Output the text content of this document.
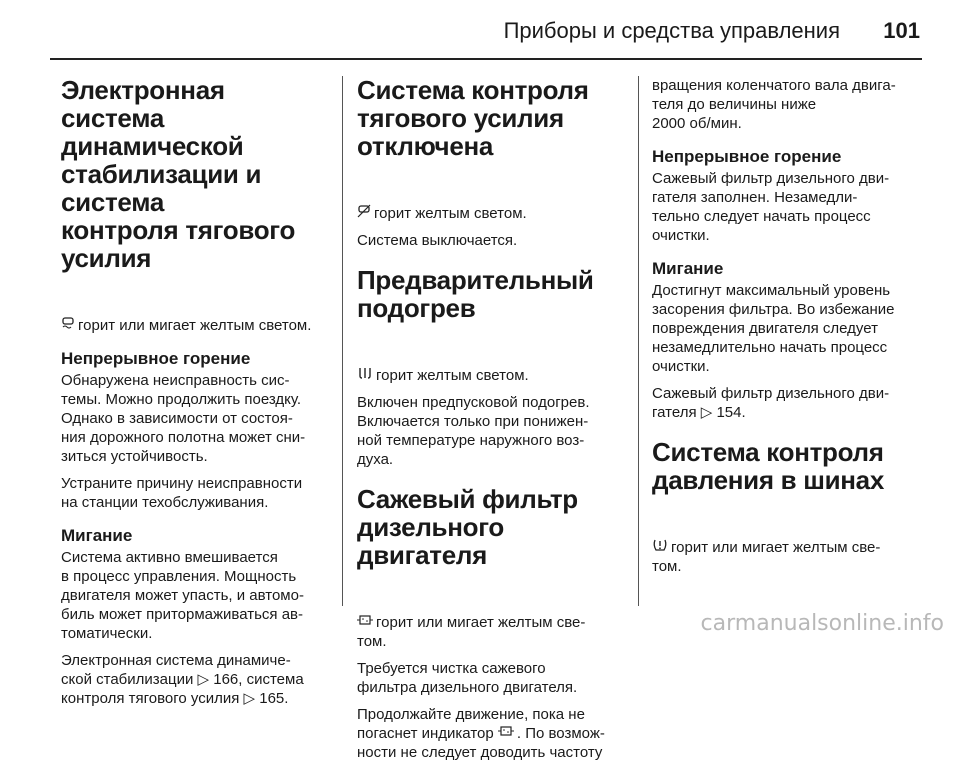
Приборы и средства управления 101
Электронная система
динамической
стабилизации и система
контроля тягового
усилия

горит или мигает желтым светом.

Непрерывное горение

Обнаружена неисправность сис-
темы. Можно продолжить поездку.
Однако в зависимости от состоя-
ния дорожного полотна может сни-
зиться устойчивость.

Устраните причину неисправности
на станции техобслуживания.

Мигание

Система активно вмешивается
в процесс управления. Мощность
двигателя может упасть, и автомо-
биль может притормаживаться ав-
томатически.

Электронная система динамиче-
ской стабилизации ▷ 166, система
контроля тягового усилия ▷ 165.

Система контроля
тягового усилия
отключена

горит желтым светом.

Система выключается.

Предварительный
подогрев

горит желтым светом.

Включен предпусковой подогрев.
Включается только при понижен-
ной температуре наружного воз-
духа.

Сажевый фильтр
дизельного двигателя

горит или мигает желтым све-
том.

Требуется чистка сажевого
фильтра дизельного двигателя.

Продолжайте движение, пока не
погаснет индикатор . По возмож-
ности не следует доводить частоту

вращения коленчатого вала двига-
теля до величины ниже
2000 об/мин.

Непрерывное горение

Сажевый фильтр дизельного дви-
гателя заполнен. Незамедли-
тельно следует начать процесс
очистки.

Мигание

Достигнут максимальный уровень
засорения фильтра. Во избежание
повреждения двигателя следует
незамедлительно начать процесс
очистки.

Сажевый фильтр дизельного дви-
гателя ▷ 154.

Система контроля
давления в шинах

горит или мигает желтым све-
том.

carmanualsonline.info
